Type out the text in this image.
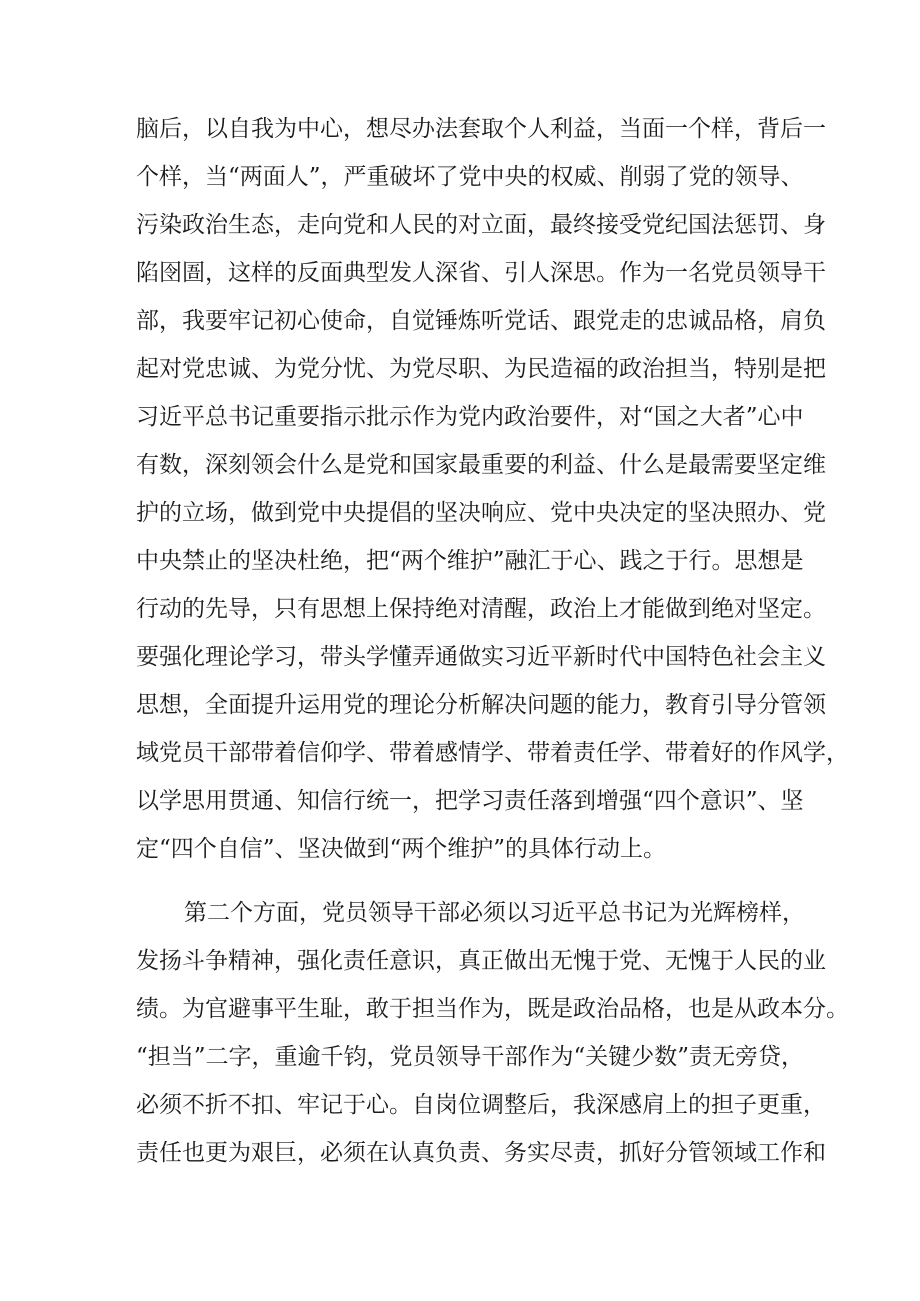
脑后，以自我为中心，想尽办法套取个人利益，当面一个样，背后一
个样，当“两面人”，严重破坏了党中央的权威、削弱了党的领导、
污染政治生态，走向党和人民的对立面，最终接受党纪国法惩罚、身
陷囹圄，这样的反面典型发人深省、引人深思。作为一名党员领导干
部，我要牢记初心使命，自觉锤炼听党话、跟党走的忠诚品格，肩负
起对党忠诚、为党分忧、为党尽职、为民造福的政治担当，特别是把
习近平总书记重要指示批示作为党内政治要件，对“国之大者”心中
有数，深刻领会什么是党和国家最重要的利益、什么是最需要坚定维
护的立场，做到党中央提倡的坚决响应、党中央决定的坚决照办、党
中央禁止的坚决杜绝，把“两个维护”融汇于心、践之于行。思想是
行动的先导，只有思想上保持绝对清醒，政治上才能做到绝对坚定。
要强化理论学习，带头学懂弄通做实习近平新时代中国特色社会主义
思想，全面提升运用党的理论分析解决问题的能力，教育引导分管领
域党员干部带着信仰学、带着感情学、带着责任学、带着好的作风学，
以学思用贯通、知信行统一，把学习责任落到增强“四个意识”、坚
定“四个自信”、坚决做到“两个维护”的具体行动上。
第二个方面，党员领导干部必须以习近平总书记为光辉榜样，
发扬斗争精神，强化责任意识，真正做出无愧于党、无愧于人民的业
绩。为官避事平生耻，敢于担当作为，既是政治品格，也是从政本分。
“担当”二字，重逾千钧，党员领导干部作为“关键少数”责无旁贷，
必须不折不扣、牢记于心。自岗位调整后，我深感肩上的担子更重，
责任也更为艰巨，必须在认真负责、务实尽责，抓好分管领域工作和
